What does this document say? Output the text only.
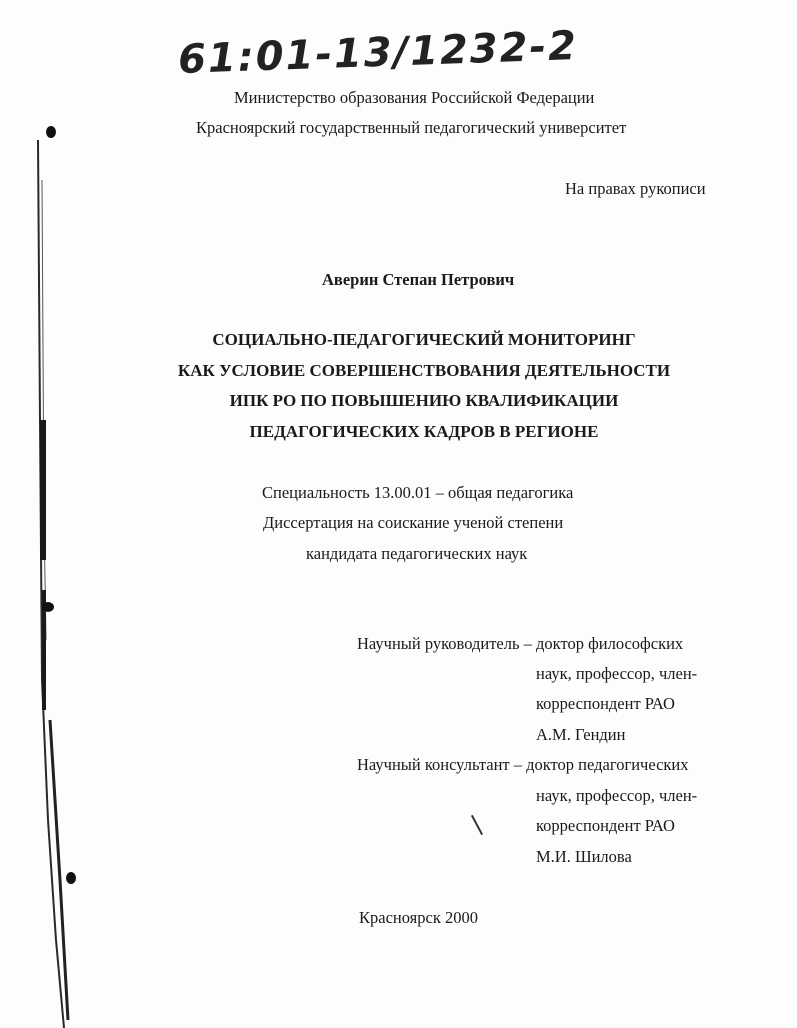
61:01-13/1232-2
Министерство образования Российской Федерации
Красноярский государственный педагогический университет
На правах рукописи
Аверин Степан Петрович
СОЦИАЛЬНО-ПЕДАГОГИЧЕСКИЙ МОНИТОРИНГ
КАК УСЛОВИЕ СОВЕРШЕНСТВОВАНИЯ ДЕЯТЕЛЬНОСТИ
ИПК РО ПО ПОВЫШЕНИЮ КВАЛИФИКАЦИИ
ПЕДАГОГИЧЕСКИХ КАДРОВ В РЕГИОНЕ
Специальность 13.00.01 – общая педагогика
Диссертация на соискание ученой степени
кандидата педагогических наук
Научный руководитель – доктор философских
наук, профессор, член-
корреспондент РАО
А.М. Гендин
Научный консультант – доктор педагогических
наук, профессор, член-
корреспондент РАО
М.И. Шилова
Красноярск 2000
